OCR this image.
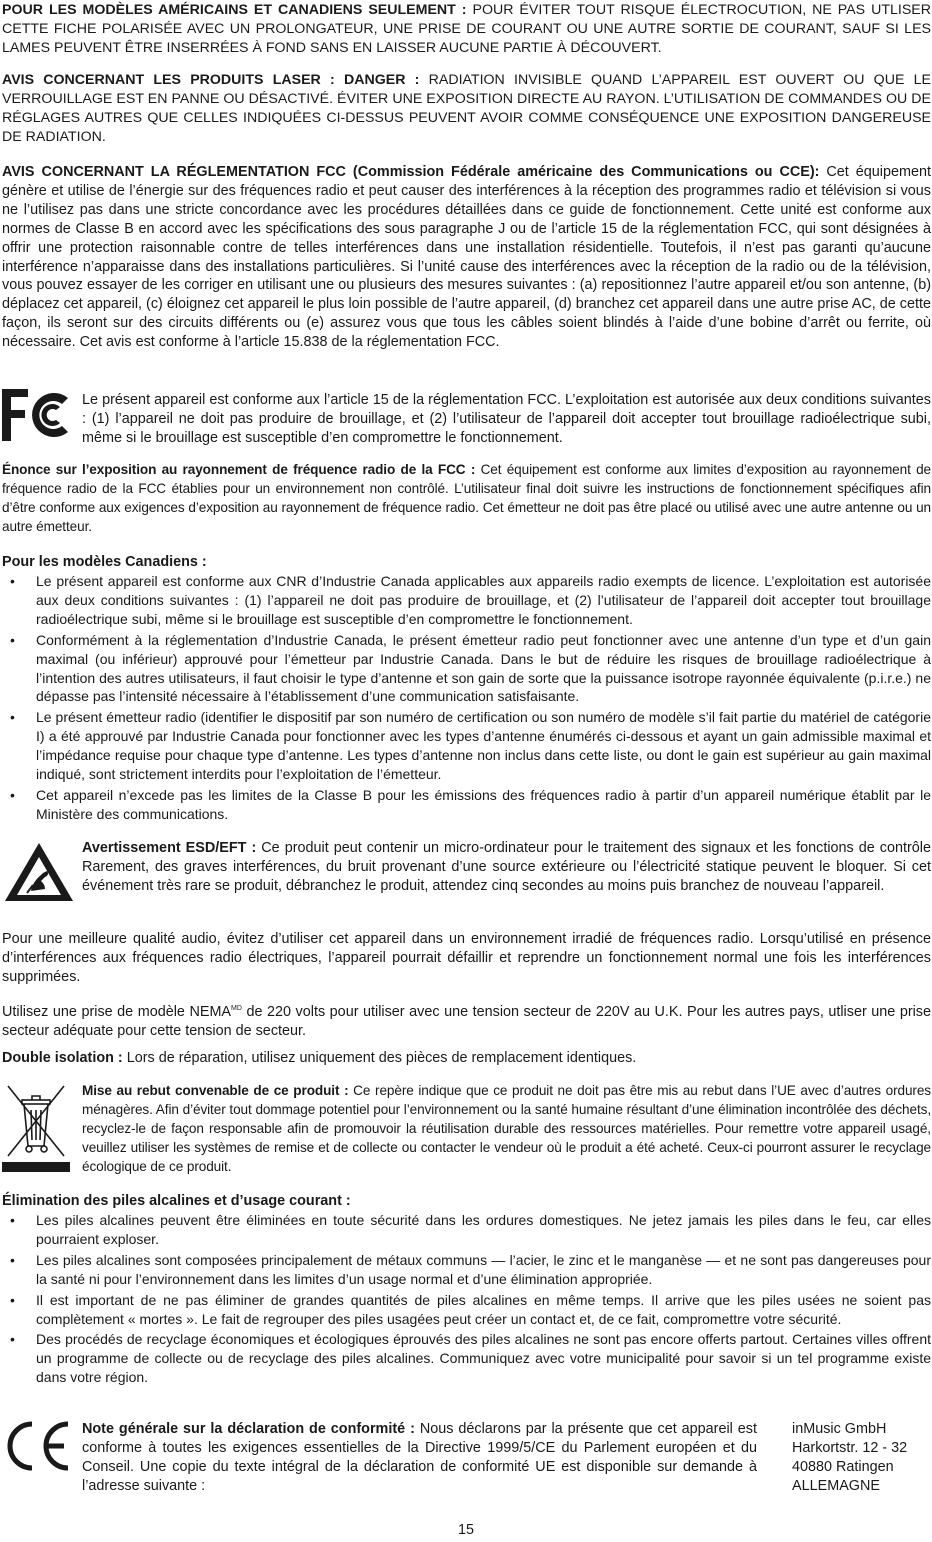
POUR LES MODÈLES AMÉRICAINS ET CANADIENS SEULEMENT : POUR ÉVITER TOUT RISQUE ÉLECTROCUTION, NE PAS UTLISER CETTE FICHE POLARISÉE AVEC UN PROLONGATEUR, UNE PRISE DE COURANT OU UNE AUTRE SORTIE DE COURANT, SAUF SI LES LAMES PEUVENT ÊTRE INSERRÉES À FOND SANS EN LAISSER AUCUNE PARTIE À DÉCOUVERT.

AVIS CONCERNANT LES PRODUITS LASER : DANGER : RADIATION INVISIBLE QUAND L’APPAREIL EST OUVERT OU QUE LE VERROUILLAGE EST EN PANNE OU DÉSACTIVÉ. ÉVITER UNE EXPOSITION DIRECTE AU RAYON. L’UTILISATION DE COMMANDES OU DE RÉGLAGES AUTRES QUE CELLES INDIQUÉES CI-DESSUS PEUVENT AVOIR COMME CONSÉQUENCE UNE EXPOSITION DANGEREUSE DE RADIATION.

AVIS CONCERNANT LA RÉGLEMENTATION FCC (Commission Fédérale américaine des Communications ou CCE): Cet équipement génère et utilise de l’énergie sur des fréquences radio et peut causer des interférences à la réception des programmes radio et télévision si vous ne l’utilisez pas dans une stricte concordance avec les procédures détaillées dans ce guide de fonctionnement. Cette unité est conforme aux normes de Classe B en accord avec les spécifications des sous paragraphe J ou de l’article 15 de la réglementation FCC, qui sont désignées à offrir une protection raisonnable contre de telles interférences dans une installation résidentielle. Toutefois, il n’est pas garanti qu’aucune interférence n’apparaisse dans des installations particulières. Si l’unité cause des interférences avec la réception de la radio ou de la télévision, vous pouvez essayer de les corriger en utilisant une ou plusieurs des mesures suivantes : (a) repositionnez l’autre appareil et/ou son antenne, (b) déplacez cet appareil, (c) éloignez cet appareil le plus loin possible de l’autre appareil, (d) branchez cet appareil dans une autre prise AC, de cette façon, ils seront sur des circuits différents ou (e) assurez vous que tous les câbles soient blindés à l’aide d’une bobine d’arrêt ou ferrite, où nécessaire. Cet avis est conforme à l’article 15.838 de la réglementation FCC.

Le présent appareil est conforme aux l’article 15 de la réglementation FCC. L’exploitation est autorisée aux deux conditions suivantes : (1) l’appareil ne doit pas produire de brouillage, et (2) l’utilisateur de l’appareil doit accepter tout brouillage radioélectrique subi, même si le brouillage est susceptible d’en compromettre le fonctionnement.

Énonce sur l’exposition au rayonnement de fréquence radio de la FCC : Cet équipement est conforme aux limites d’exposition au rayonnement de fréquence radio de la FCC établies pour un environnement non contrôlé. L’utilisateur final doit suivre les instructions de fonctionnement spécifiques afin d’être conforme aux exigences d’exposition au rayonnement de fréquence radio. Cet émetteur ne doit pas être placé ou utilisé avec une autre antenne ou un autre émetteur.

Pour les modèles Canadiens :

• Le présent appareil est conforme aux CNR d’Industrie Canada applicables aux appareils radio exempts de licence. L’exploitation est autorisée aux deux conditions suivantes : (1) l’appareil ne doit pas produire de brouillage, et (2) l’utilisateur de l’appareil doit accepter tout brouillage radioélectrique subi, même si le brouillage est susceptible d’en compromettre le fonctionnement.
• Conformément à la réglementation d’Industrie Canada, le présent émetteur radio peut fonctionner avec une antenne d’un type et d’un gain maximal (ou inférieur) approuvé pour l’émetteur par Industrie Canada. Dans le but de réduire les risques de brouillage radioélectrique à l’intention des autres utilisateurs, il faut choisir le type d’antenne et son gain de sorte que la puissance isotrope rayonnée équivalente (p.i.r.e.) ne dépasse pas l’intensité nécessaire à l’établissement d’une communication satisfaisante.
• Le présent émetteur radio (identifier le dispositif par son numéro de certification ou son numéro de modèle s’il fait partie du matériel de catégorie I) a été approuvé par Industrie Canada pour fonctionner avec les types d’antenne énumérés ci-dessous et ayant un gain admissible maximal et l’impédance requise pour chaque type d’antenne. Les types d’antenne non inclus dans cette liste, ou dont le gain est supérieur au gain maximal indiqué, sont strictement interdits pour l’exploitation de l’émetteur.
• Cet appareil n’excede pas les limites de la Classe B pour les émissions des fréquences radio à partir d’un appareil numérique établit par le Ministère des communications.

Avertissement ESD/EFT : Ce produit peut contenir un micro-ordinateur pour le traitement des signaux et les fonctions de contrôle Rarement, des graves interférences, du bruit provenant d’une source extérieure ou l’électricité statique peuvent le bloquer. Si cet événement très rare se produit, débranchez le produit, attendez cinq secondes au moins puis branchez de nouveau l’appareil.

Pour une meilleure qualité audio, évitez d’utiliser cet appareil dans un environnement irradié de fréquences radio. Lorsqu’utilisé en présence d’interférences aux fréquences radio électriques, l’appareil pourrait défaillir et reprendre un fonctionnement normal une fois les interférences supprimées.

Utilisez une prise de modèle $NEMA^{MD}$ de 220 volts pour utiliser avec une tension secteur de 220V au U.K. Pour les autres pays, utliser une prise secteur adéquate pour cette tension de secteur.

Double isolation : Lors de réparation, utilisez uniquement des pièces de remplacement identiques.

Mise au rebut convenable de ce produit : Ce repère indique que ce produit ne doit pas être mis au rebut dans l’UE avec d’autres ordures ménagères. Afin d’éviter tout dommage potentiel pour l’environnement ou la santé humaine résultant d’une élimination incontrôlée des déchets, recyclez-le de façon responsable afin de promouvoir la réutilisation durable des ressources matérielles. Pour remettre votre appareil usagé, veuillez utiliser les systèmes de remise et de collecte ou contacter le vendeur où le produit a été acheté. Ceux-ci pourront assurer le recyclage écologique de ce produit.

Élimination des piles alcalines et d’usage courant :

• Les piles alcalines peuvent être éliminées en toute sécurité dans les ordures domestiques. Ne jetez jamais les piles dans le feu, car elles pourraient exploser.
• Les piles alcalines sont composées principalement de métaux communs — l’acier, le zinc et le manganèse — et ne sont pas dangereuses pour la santé ni pour l’environnement dans les limites d’un usage normal et d’une élimination appropriée.
• Il est important de ne pas éliminer de grandes quantités de piles alcalines en même temps. Il arrive que les piles usées ne soient pas complètement « mortes ». Le fait de regrouper des piles usagées peut créer un contact et, de ce fait, compromettre votre sécurité.
• Des procédés de recyclage économiques et écologiques éprouvés des piles alcalines ne sont pas encore offerts partout. Certaines villes offrent un programme de collecte ou de recyclage des piles alcalines. Communiquez avec votre municipalité pour savoir si un tel programme existe dans votre région.

Note générale sur la déclaration de conformité : Nous déclarons par la présente que cet appareil est conforme à toutes les exigences essentielles de la Directive 1999/5/CE du Parlement européen et du Conseil. Une copie du texte intégral de la déclaration de conformité UE est disponible sur demande à l’adresse suivante :

inMusic GmbH
Harkortstr. 12 - 32
40880 Ratingen
ALLEMAGNE
15
